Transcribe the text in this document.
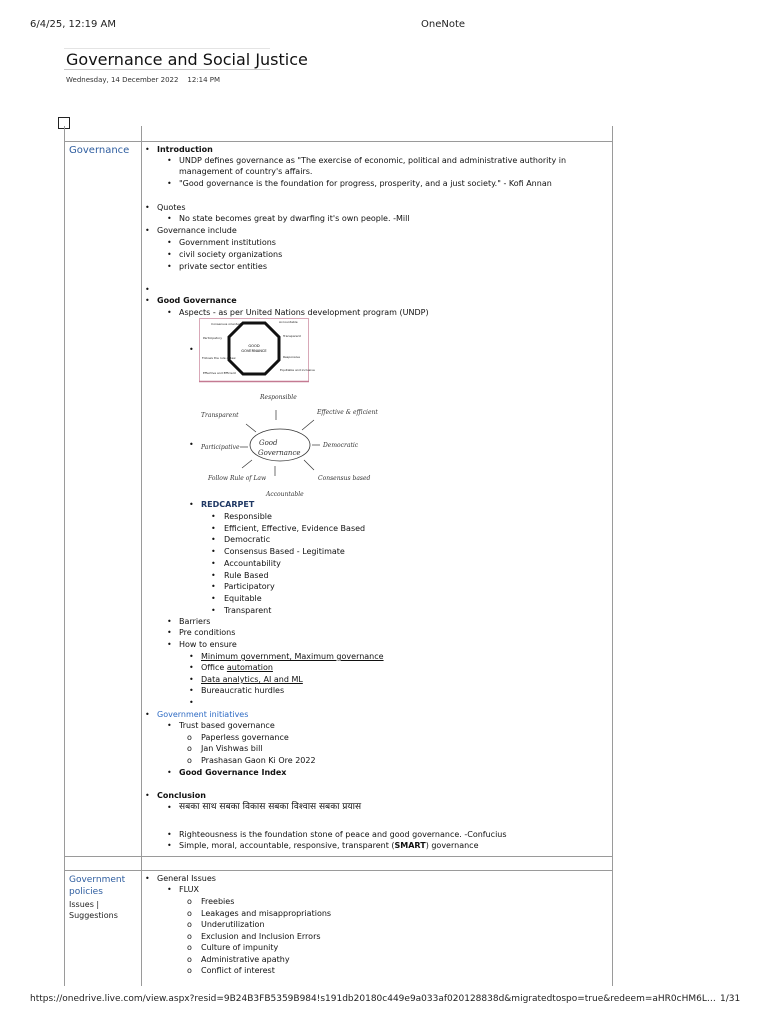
6/4/25, 12:19 AM	OneNote
Governance and Social Justice
Wednesday, 14 December 2022 12:14 PM
Governance
Government policies
Issues |
Suggestions
• Introduction
• UNDP defines governance as "The exercise of economic, political and administrative authority in
management of country's affairs.
• "Good governance is the foundation for progress, prosperity, and a just society." - Kofi Annan
• Quotes
• No state becomes great by dwarfing it's own people. -Mill
• Governance include
• Government institutions
• civil society organizations
• private sector entities
•
• Good Governance
• Aspects - as per United Nations development program (UNDP)
•	GOOD
GOVERNANCE
Consensus oriented	Accountable
Transparent
Responsive
Equitable and inclusive
Effective and Efficient
Follows the rule of law
Participatory
•	Good
Governance
Responsible
Effective & efficient
Democratic
Consensus based
Accountable
Follow Rule of Law
Participative
Transparent
• REDCARPET
• Responsible
• Efficient, Effective, Evidence Based
• Democratic
• Consensus Based - Legitimate
• Accountability
• Rule Based
• Participatory
• Equitable
• Transparent
• Barriers
• Pre conditions
• How to ensure
• Minimum government, Maximum governance
• Office automation
• Data analytics, AI and ML
• Bureaucratic hurdles
•
• Government initiatives
• Trust based governance
o Paperless governance
o Jan Vishwas bill
o Prashasan Gaon Ki Ore 2022
• Good Governance Index
• Conclusion
• सबका साथ सबका विकास सबका विश्वास सबका प्रयास
• Righteousness is the foundation stone of peace and good governance. -Confucius
• Simple, moral, accountable, responsive, transparent (SMART) governance
• General Issues
• FLUX
o Freebies
o Leakages and misappropriations
o Underutilization
o Exclusion and Inclusion Errors
o Culture of impunity
o Administrative apathy
o Conflict of interest
https://onedrive.live.com/view.aspx?resid=9B24B3FB5359B984!s191db20180c449e9a033af020128838d&migratedtospo=true&redeem=aHR0cHM6L… 1/31
